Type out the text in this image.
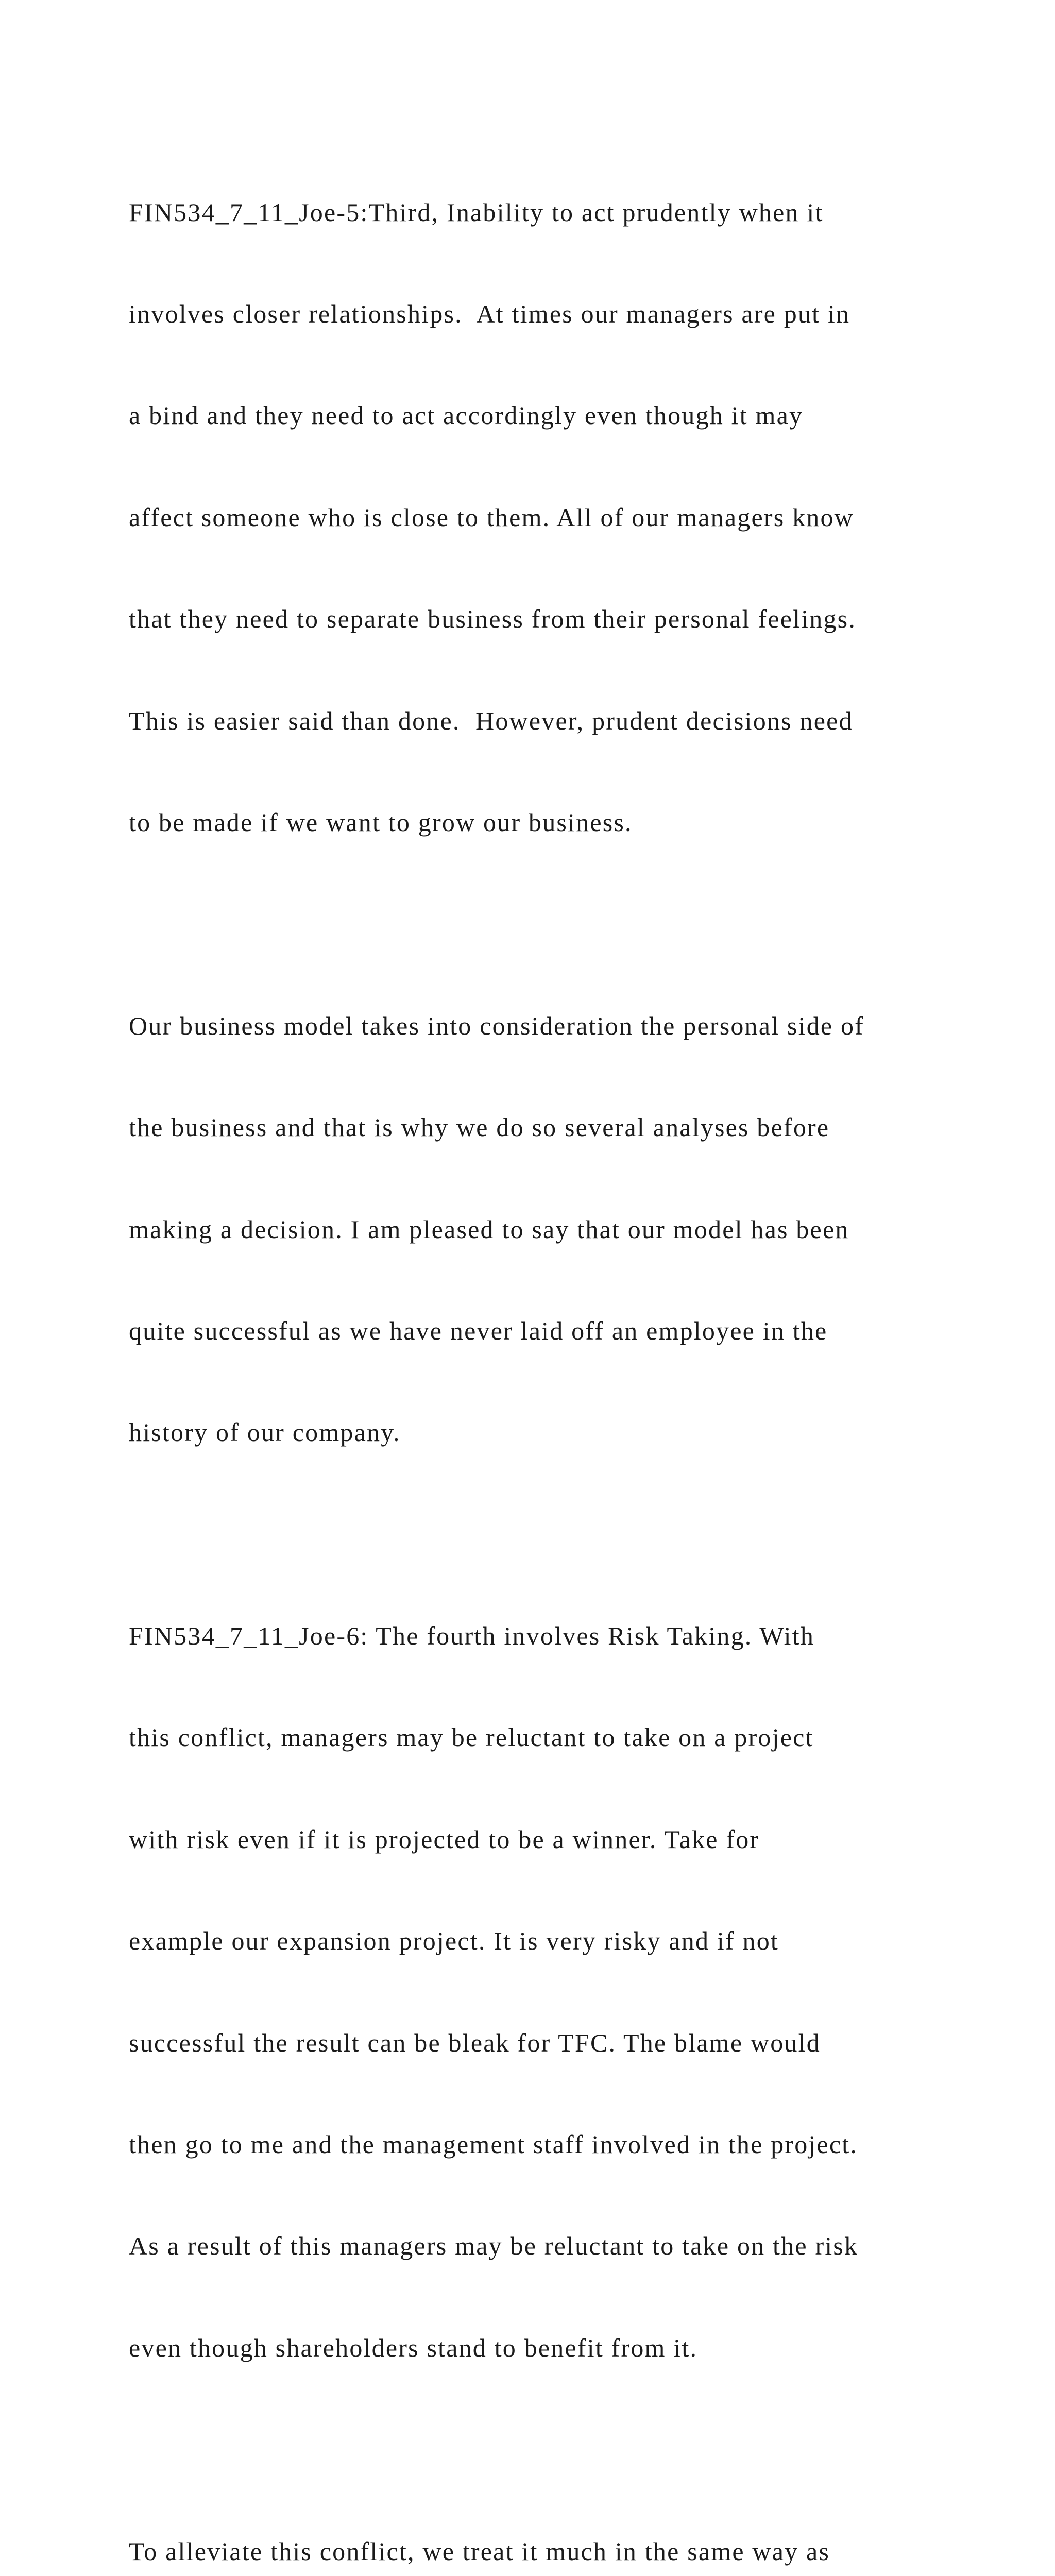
FIN534_7_11_Joe-5:Third, Inability to act prudently when it

involves closer relationships.  At times our managers are put in

a bind and they need to act accordingly even though it may

affect someone who is close to them. All of our managers know

that they need to separate business from their personal feelings.

This is easier said than done.  However, prudent decisions need

to be made if we want to grow our business.

Our business model takes into consideration the personal side of

the business and that is why we do so several analyses before

making a decision. I am pleased to say that our model has been

quite successful as we have never laid off an employee in the

history of our company.

FIN534_7_11_Joe-6: The fourth involves Risk Taking. With

this conflict, managers may be reluctant to take on a project

with risk even if it is projected to be a winner. Take for

example our expansion project. It is very risky and if not

successful the result can be bleak for TFC. The blame would

then go to me and the management staff involved in the project.

As a result of this managers may be reluctant to take on the risk

even though shareholders stand to benefit from it.

To alleviate this conflict, we treat it much in the same way as
